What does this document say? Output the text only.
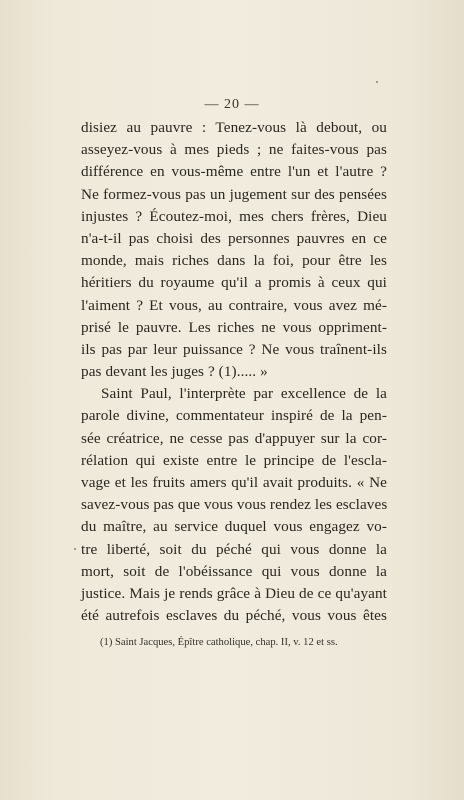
— 20 —
disiez au pauvre : Tenez-vous là debout, ou
asseyez-vous à mes pieds ; ne faites-vous pas
différence en vous-même entre l'un et l'autre ?
Ne formez-vous pas un jugement sur des pensées
injustes ? Écoutez-moi, mes chers frères, Dieu
n'a-t-il pas choisi des personnes pauvres en ce
monde, mais riches dans la foi, pour être les
héritiers du royaume qu'il a promis à ceux qui
l'aiment ? Et vous, au contraire, vous avez mé-
prisé le pauvre. Les riches ne vous oppriment-
ils pas par leur puissance ? Ne vous traînent-ils
pas devant les juges ? (1)..... »
Saint Paul, l'interprète par excellence de la
parole divine, commentateur inspiré de la pen-
sée créatrice, ne cesse pas d'appuyer sur la cor-
rélation qui existe entre le principe de l'escla-
vage et les fruits amers qu'il avait produits. « Ne
savez-vous pas que vous vous rendez les esclaves
du maître, au service duquel vous engagez vo-
tre liberté, soit du péché qui vous donne la
mort, soit de l'obéissance qui vous donne la
justice. Mais je rends grâce à Dieu de ce qu'ayant
été autrefois esclaves du péché, vous vous êtes
(1) Saint Jacques, Épître catholique, chap. II, v. 12 et ss.
